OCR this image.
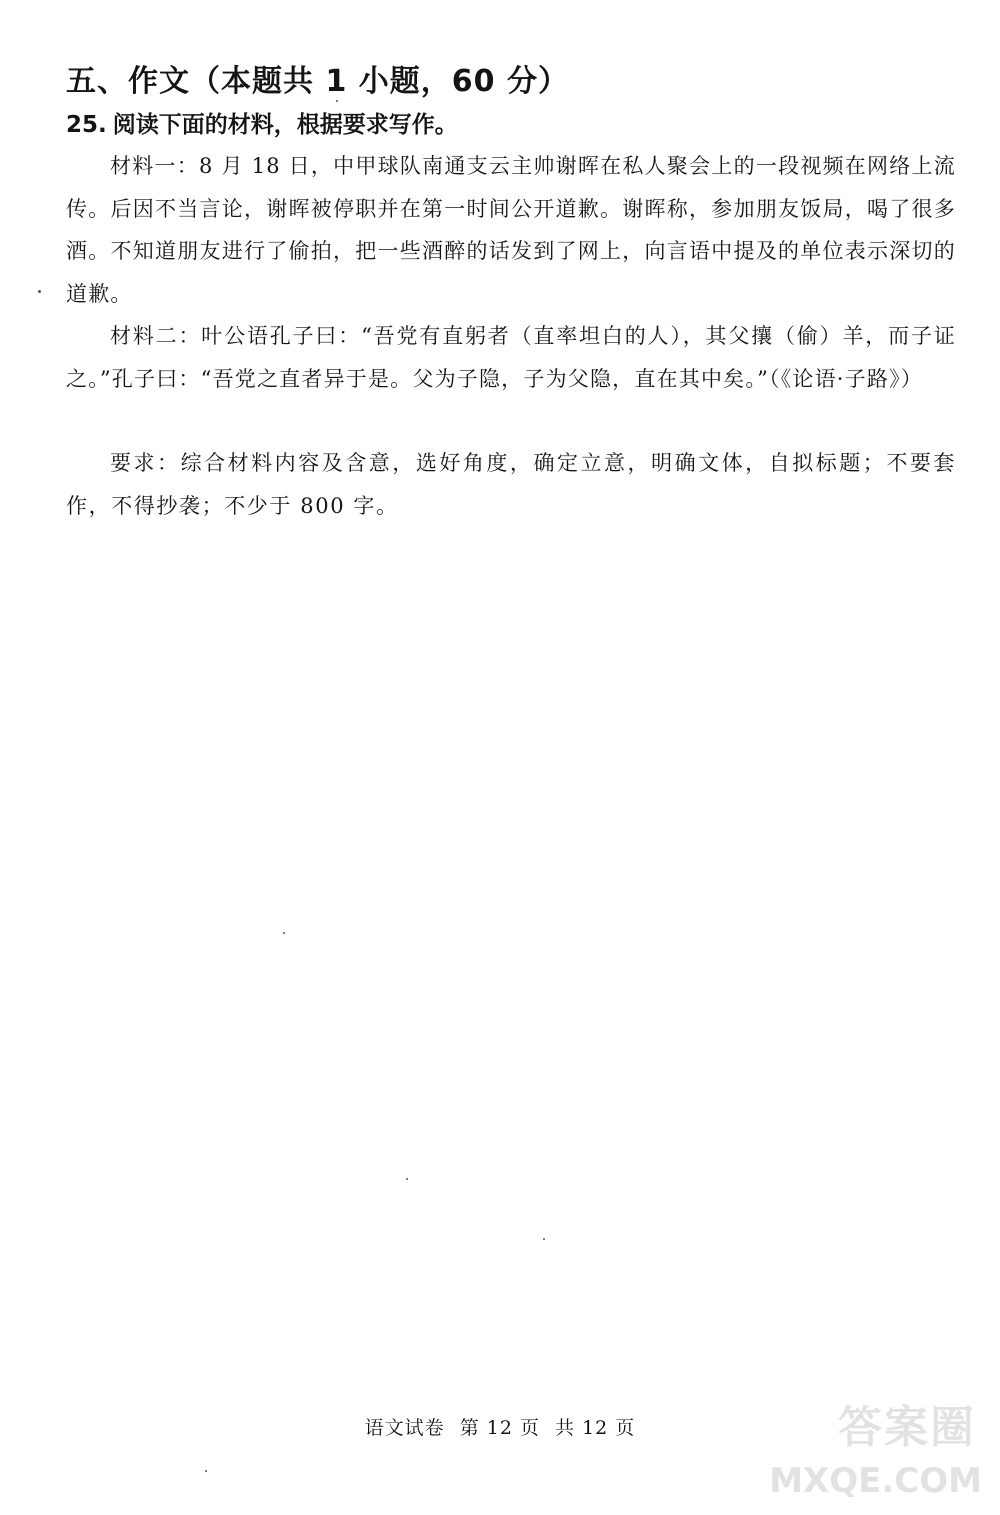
五、作文（本题共 1 小题，60 分）
25. 阅读下面的材料，根据要求写作。
材料一：8 月 18 日，中甲球队南通支云主帅谢晖在私人聚会上的一段视频在网络上流传。后因不当言论，谢晖被停职并在第一时间公开道歉。谢晖称，参加朋友饭局，喝了很多酒。不知道朋友进行了偷拍，把一些酒醉的话发到了网上，向言语中提及的单位表示深切的道歉。
材料二：叶公语孔子曰：“吾党有直躬者（直率坦白的人），其父攘（偷）羊，而子证之。”孔子曰：“吾党之直者异于是。父为子隐，子为父隐，直在其中矣。”（《论语·子路》）
要求：综合材料内容及含意，选好角度，确定立意，明确文体，自拟标题；不要套作，不得抄袭；不少于 800 字。
语文试卷 第 12 页 共 12 页	答案圈
MXQE.COM
